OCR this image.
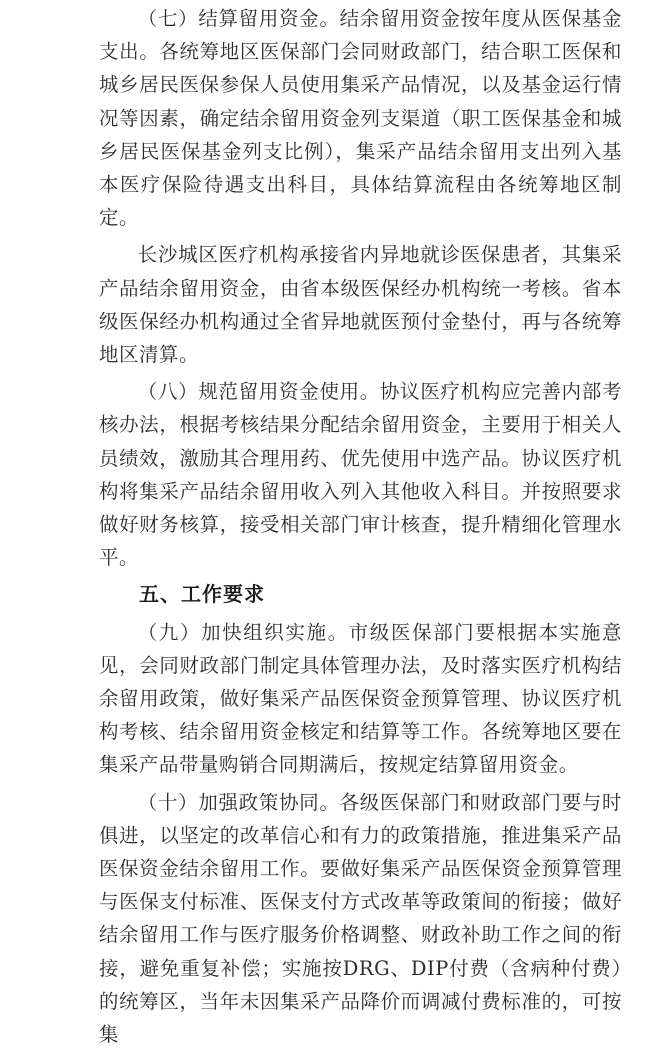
（七）结算留用资金。结余留用资金按年度从医保基金支出。各统筹地区医保部门会同财政部门，结合职工医保和城乡居民医保参保人员使用集采产品情况，以及基金运行情况等因素，确定结余留用资金列支渠道（职工医保基金和城乡居民医保基金列支比例），集采产品结余留用支出列入基本医疗保险待遇支出科目，具体结算流程由各统筹地区制定。

长沙城区医疗机构承接省内异地就诊医保患者，其集采产品结余留用资金，由省本级医保经办机构统一考核。省本级医保经办机构通过全省异地就医预付金垫付，再与各统筹地区清算。

（八）规范留用资金使用。协议医疗机构应完善内部考核办法，根据考核结果分配结余留用资金，主要用于相关人员绩效，激励其合理用药、优先使用中选产品。协议医疗机构将集采产品结余留用收入列入其他收入科目。并按照要求做好财务核算，接受相关部门审计核查，提升精细化管理水平。

五、工作要求

（九）加快组织实施。市级医保部门要根据本实施意见，会同财政部门制定具体管理办法，及时落实医疗机构结余留用政策，做好集采产品医保资金预算管理、协议医疗机构考核、结余留用资金核定和结算等工作。各统筹地区要在集采产品带量购销合同期满后，按规定结算留用资金。

（十）加强政策协同。各级医保部门和财政部门要与时俱进，以坚定的改革信心和有力的政策措施，推进集采产品医保资金结余留用工作。要做好集采产品医保资金预算管理与医保支付标准、医保支付方式改革等政策间的衔接；做好结余留用工作与医疗服务价格调整、财政补助工作之间的衔接，避免重复补偿；实施按DRG、DIP付费（含病种付费）的统筹区，当年未因集采产品降价而调减付费标准的，可按集
